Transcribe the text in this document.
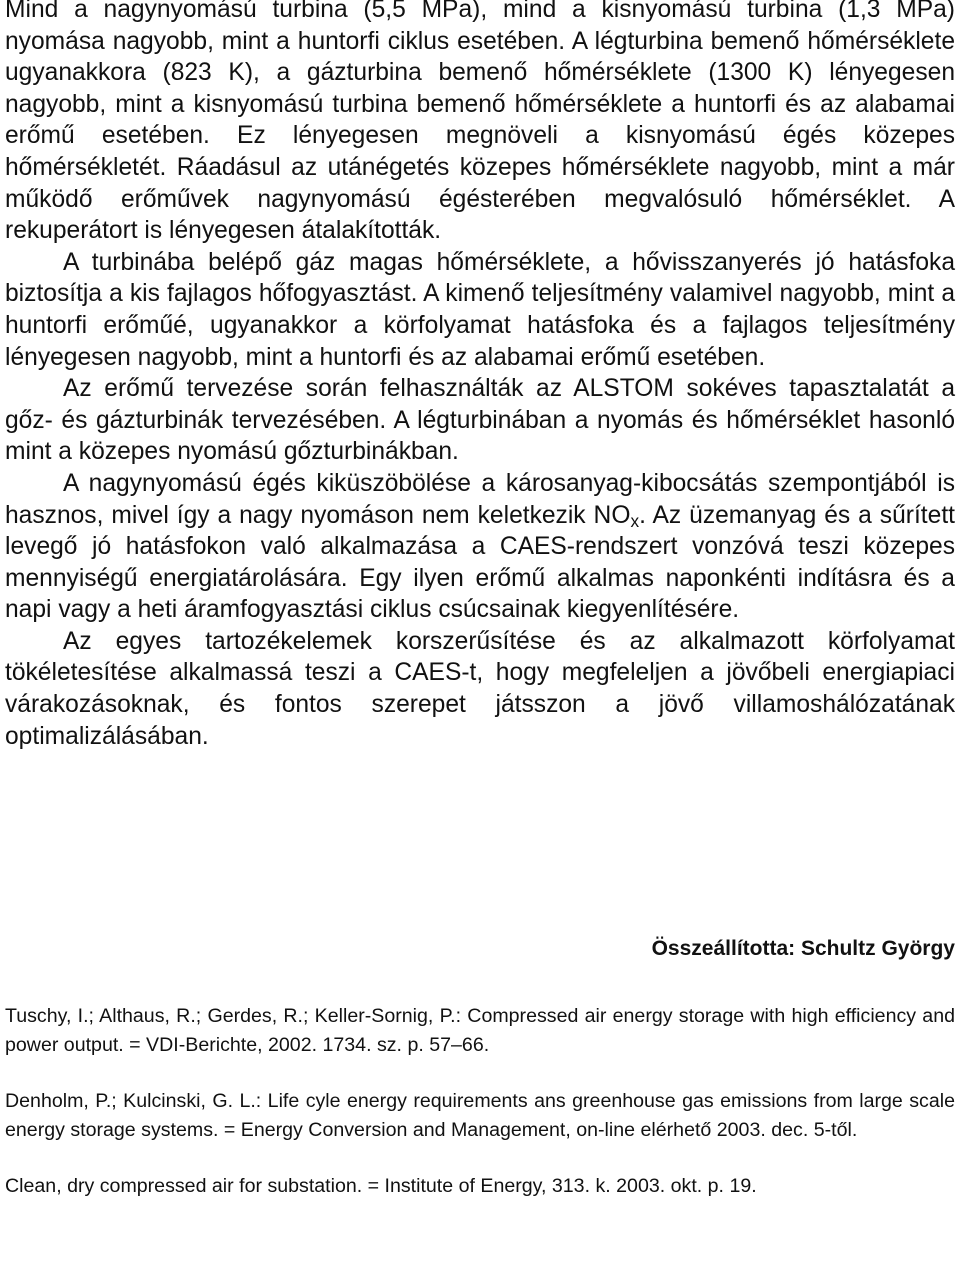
Mind a nagynyomású turbina (5,5 MPa), mind a kisnyomású turbina (1,3 MPa) nyomása nagyobb, mint a huntorfi ciklus esetében. A légturbina bemenő hőmérséklete ugyanakkora (823 K), a gázturbina bemenő hőmérséklete (1300 K) lényegesen nagyobb, mint a kisnyomású turbina bemenő hőmérséklete a huntorfi és az alabamai erőmű esetében. Ez lényegesen megnöveli a kisnyomású égés közepes hőmérsékletét. Ráadásul az utánégetés közepes hőmérséklete nagyobb, mint a már működő erőművek nagynyomású égésterében megvalósuló hőmérséklet. A rekuperátort is lényegesen átalakították.

A turbinába belépő gáz magas hőmérséklete, a hővisszanyerés jó hatásfoka biztosítja a kis fajlagos hőfogyasztást. A kimenő teljesítmény valamivel nagyobb, mint a huntorfi erőműé, ugyanakkor a körfolyamat hatásfoka és a fajlagos teljesítmény lényegesen nagyobb, mint a huntorfi és az alabamai erőmű esetében.

Az erőmű tervezése során felhasználták az ALSTOM sokéves tapasztalatát a gőz- és gázturbinák tervezésében. A légturbinában a nyomás és hőmérséklet hasonló mint a közepes nyomású gőzturbinákban.

A nagynyomású égés kiküszöbölése a károsanyag-kibocsátás szempontjából is hasznos, mivel így a nagy nyomáson nem keletkezik $NO_x$. Az üzemanyag és a sűrített levegő jó hatásfokon való alkalmazása a CAES-rendszert vonzóvá teszi közepes mennyiségű energiatárolására. Egy ilyen erőmű alkalmas naponkénti indításra és a napi vagy a heti áramfogyasztási ciklus csúcsainak kiegyenlítésére.

Az egyes tartozékelemek korszerűsítése és az alkalmazott körfolyamat tökéletesítése alkalmassá teszi a CAES-t, hogy megfeleljen a jövőbeli energiapiaci várakozásoknak, és fontos szerepet játsszon a jövő villamoshálózatának optimalizálásában.

Összeállította: Schultz György

Tuschy, I.; Althaus, R.; Gerdes, R.; Keller-Sornig, P.: Compressed air energy storage with high efficiency and power output. = VDI-Berichte, 2002. 1734. sz. p. 57–66.

Denholm, P.; Kulcinski, G. L.: Life cyle energy requirements ans greenhouse gas emissions from large scale energy storage systems. = Energy Conversion and Management, on-line elérhető 2003. dec. 5-től.

Clean, dry compressed air for substation. = Institute of Energy, 313. k. 2003. okt. p. 19.
